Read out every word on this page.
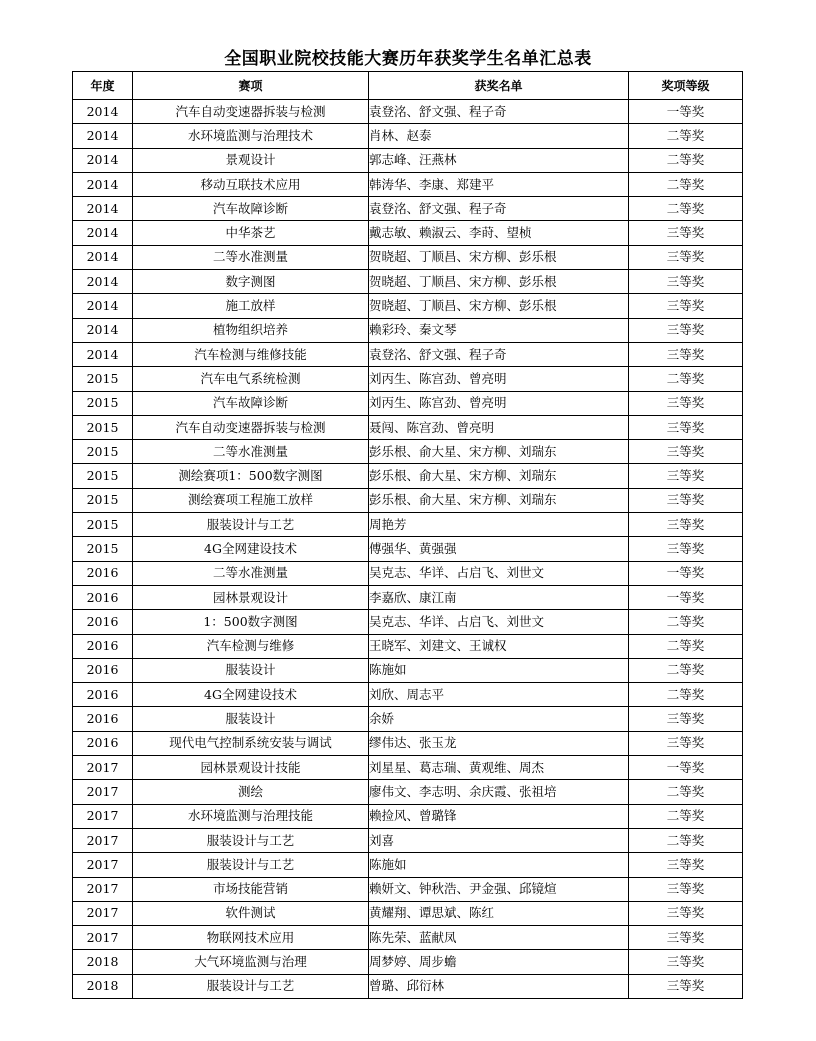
全国职业院校技能大赛历年获奖学生名单汇总表
年度	赛项	获奖名单	奖项等级
2014	汽车自动变速器拆装与检测	袁登洺、舒文强、程子奇	一等奖
2014	水环境监测与治理技术	肖林、赵泰	二等奖
2014	景观设计	郭志峰、汪燕林	二等奖
2014	移动互联技术应用	韩涛华、李康、郑建平	二等奖
2014	汽车故障诊断	袁登洺、舒文强、程子奇	二等奖
2014	中华茶艺	戴志敏、赖淑云、李莳、望桢	三等奖
2014	二等水准测量	贺晓超、丁顺昌、宋方柳、彭乐根	三等奖
2014	数字测图	贺晓超、丁顺昌、宋方柳、彭乐根	三等奖
2014	施工放样	贺晓超、丁顺昌、宋方柳、彭乐根	三等奖
2014	植物组织培养	赖彩玲、秦文琴	三等奖
2014	汽车检测与维修技能	袁登洺、舒文强、程子奇	三等奖
2015	汽车电气系统检测	刘丙生、陈宫劲、曾亮明	二等奖
2015	汽车故障诊断	刘丙生、陈宫劲、曾亮明	三等奖
2015	汽车自动变速器拆装与检测	聂闯、陈宫劲、曾亮明	三等奖
2015	二等水准测量	彭乐根、俞大星、宋方柳、刘瑞东	三等奖
2015	测绘赛项1：500数字测图	彭乐根、俞大星、宋方柳、刘瑞东	三等奖
2015	测绘赛项工程施工放样	彭乐根、俞大星、宋方柳、刘瑞东	三等奖
2015	服装设计与工艺	周艳芳	三等奖
2015	4G全网建设技术	傅强华、黄强强	三等奖
2016	二等水准测量	吴克志、华详、占启飞、刘世文	一等奖
2016	园林景观设计	李嘉欣、康江南	一等奖
2016	1：500数字测图	吴克志、华详、占启飞、刘世文	二等奖
2016	汽车检测与维修	王晓军、刘建文、王诚权	二等奖
2016	服装设计	陈施如	二等奖
2016	4G全网建设技术	刘欣、周志平	二等奖
2016	服装设计	余娇	三等奖
2016	现代电气控制系统安装与调试	缪伟达、张玉龙	三等奖
2017	园林景观设计技能	刘星星、葛志瑞、黄观维、周杰	一等奖
2017	测绘	廖伟文、李志明、余庆霞、张祖培	二等奖
2017	水环境监测与治理技能	赖捡风、曾璐锋	二等奖
2017	服装设计与工艺	刘喜	二等奖
2017	服装设计与工艺	陈施如	三等奖
2017	市场技能营销	赖妍文、钟秋浩、尹金强、邱镜煊	三等奖
2017	软件测试	黄耀翔、谭思斌、陈红	三等奖
2017	物联网技术应用	陈先荣、蓝献凤	三等奖
2018	大气环境监测与治理	周梦婷、周步蟾	三等奖
2018	服装设计与工艺	曾璐、邱衍林	三等奖
